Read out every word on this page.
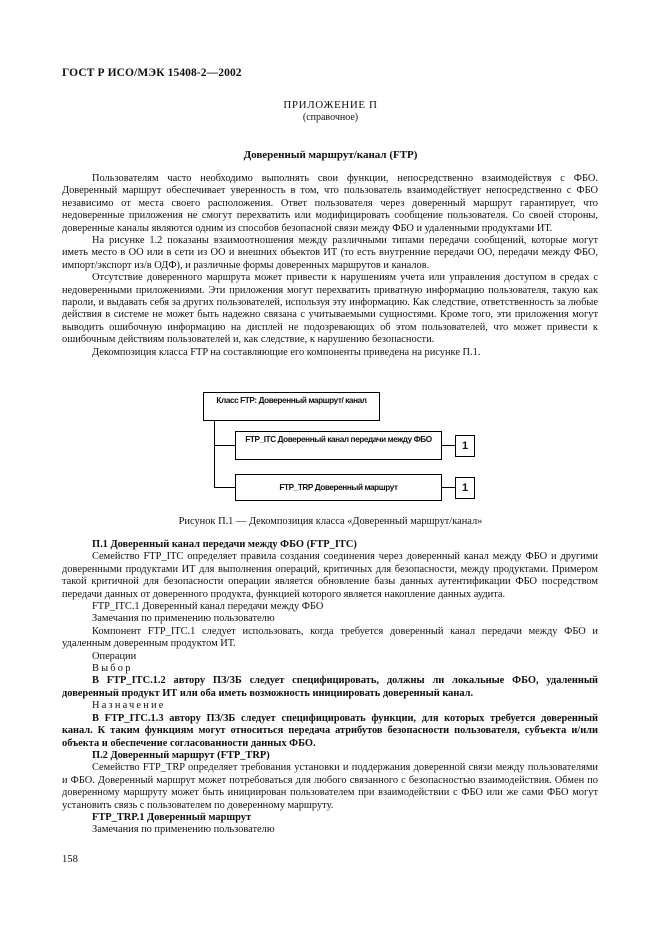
ГОСТ Р ИСО/МЭК 15408-2—2002
ПРИЛОЖЕНИЕ П
(справочное)
Доверенный маршрут/канал (FTP)

Пользователям часто необходимо выполнять свои функции, непосредственно взаимодействуя с ФБО. Доверенный маршрут обеспечивает уверенность в том, что пользователь взаимодействует непосредственно с ФБО независимо от места своего расположения. Ответ пользователя через доверенный маршрут гарантирует, что недоверенные приложения не смогут перехватить или модифицировать сообщение пользователя. Со своей стороны, доверенные каналы являются одним из способов безопасной связи между ФБО и удаленными продуктами ИТ.

На рисунке 1.2 показаны взаимоотношения между различными типами передачи сообщений, которые могут иметь место в ОО или в сети из ОО и внешних объектов ИТ (то есть внутренние передачи ОО, передачи между ФБО, импорт/экспорт из/в ОДФ), и различные формы доверенных маршрутов и каналов.

Отсутствие доверенного маршрута может привести к нарушениям учета или управления доступом в средах с недоверенными приложениями. Эти приложения могут перехватить приватную информацию пользователя, такую как пароли, и выдавать себя за других пользователей, используя эту информацию. Как следствие, ответственность за любые действия в системе не может быть надежно связана с учитываемыми сущностями. Кроме того, эти приложения могут выводить ошибочную информацию на дисплей не подозревающих об этом пользователей, что может привести к ошибочным действиям пользователей и, как следствие, к нарушению безопасности.

Декомпозиция класса FTP на составляющие его компоненты приведена на рисунке П.1.

Класс FTP: Доверенный маршрут/ канал
FTP_ITC Доверенный канал передачи между ФБО
1
FTP_TRP Доверенный маршрут	1
Рисунок П.1 — Декомпозиция класса «Доверенный маршрут/канал»

П.1 Доверенный канал передачи между ФБО (FTP_ITC)

Семейство FTP_ITC определяет правила создания соединения через доверенный канал между ФБО и другими доверенными продуктами ИТ для выполнения операций, критичных для безопасности, между продуктами. Примером такой критичной для безопасности операции является обновление базы данных аутентификации ФБО посредством передачи данных от доверенного продукта, функцией которого является накопление данных аудита.

FTP_ITC.1 Доверенный канал передачи между ФБО

Замечания по применению пользователю

Компонент FTP_ITC.1 следует использовать, когда требуется доверенный канал передачи между ФБО и удаленным доверенным продуктом ИТ.

Операции

Выбор

В FTP_ITC.1.2 автору ПЗ/ЗБ следует специфицировать, должны ли локальные ФБО, удаленный доверенный продукт ИТ или оба иметь возможность инициировать доверенный канал.

Назначение

В FTP_ITC.1.3 автору ПЗ/ЗБ следует специфицировать функции, для которых требуется доверенный канал. К таким функциям могут относиться передача атрибутов безопасности пользователя, субъекта и/или объекта и обеспечение согласованности данных ФБО.

П.2 Доверенный маршрут (FTP_TRP)

Семейство FTP_TRP определяет требования установки и поддержания доверенной связи между пользователями и ФБО. Доверенный маршрут может потребоваться для любого связанного с безопасностью взаимодействия. Обмен по доверенному маршруту может быть инициирован пользователем при взаимодействии с ФБО или же сами ФБО могут установить связь с пользователем по доверенному маршруту.

FTP_TRP.1 Доверенный маршрут

Замечания по применению пользователю

158
